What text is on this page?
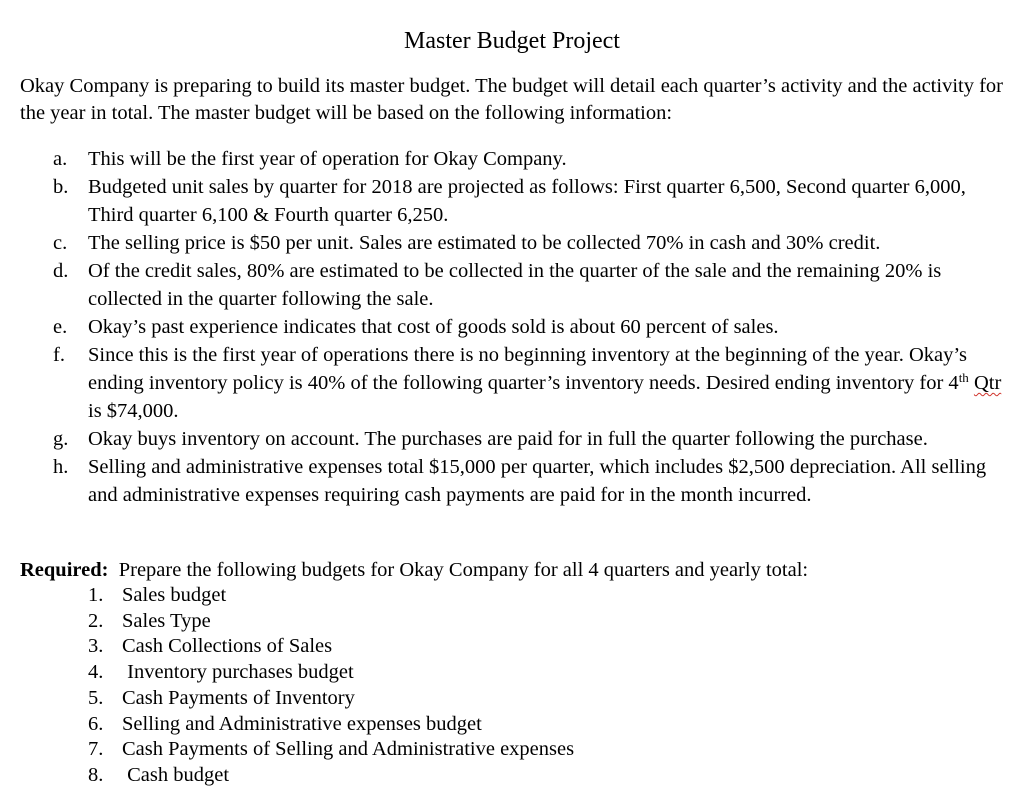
Master Budget Project

Okay Company is preparing to build its master budget. The budget will detail each quarter’s activity and the activity for the year in total. The master budget will be based on the following information:

a. This will be the first year of operation for Okay Company.
b. Budgeted unit sales by quarter for 2018 are projected as follows: First quarter 6,500, Second quarter 6,000, Third quarter 6,100 & Fourth quarter 6,250.
c. The selling price is $50 per unit. Sales are estimated to be collected 70% in cash and 30% credit.
d. Of the credit sales, 80% are estimated to be collected in the quarter of the sale and the remaining 20% is collected in the quarter following the sale.
e. Okay’s past experience indicates that cost of goods sold is about 60 percent of sales.
f. Since this is the first year of operations there is no beginning inventory at the beginning of the year. Okay’s ending inventory policy is 40% of the following quarter’s inventory needs. Desired ending inventory for 4th Qtr is $74,000.
g. Okay buys inventory on account. The purchases are paid for in full the quarter following the purchase.
h. Selling and administrative expenses total $15,000 per quarter, which includes $2,500 depreciation. All selling and administrative expenses requiring cash payments are paid for in the month incurred.

Required: Prepare the following budgets for Okay Company for all 4 quarters and yearly total:

1. Sales budget
2. Sales Type
3. Cash Collections of Sales
4. Inventory purchases budget
5. Cash Payments of Inventory
6. Selling and Administrative expenses budget
7. Cash Payments of Selling and Administrative expenses
8. Cash budget
